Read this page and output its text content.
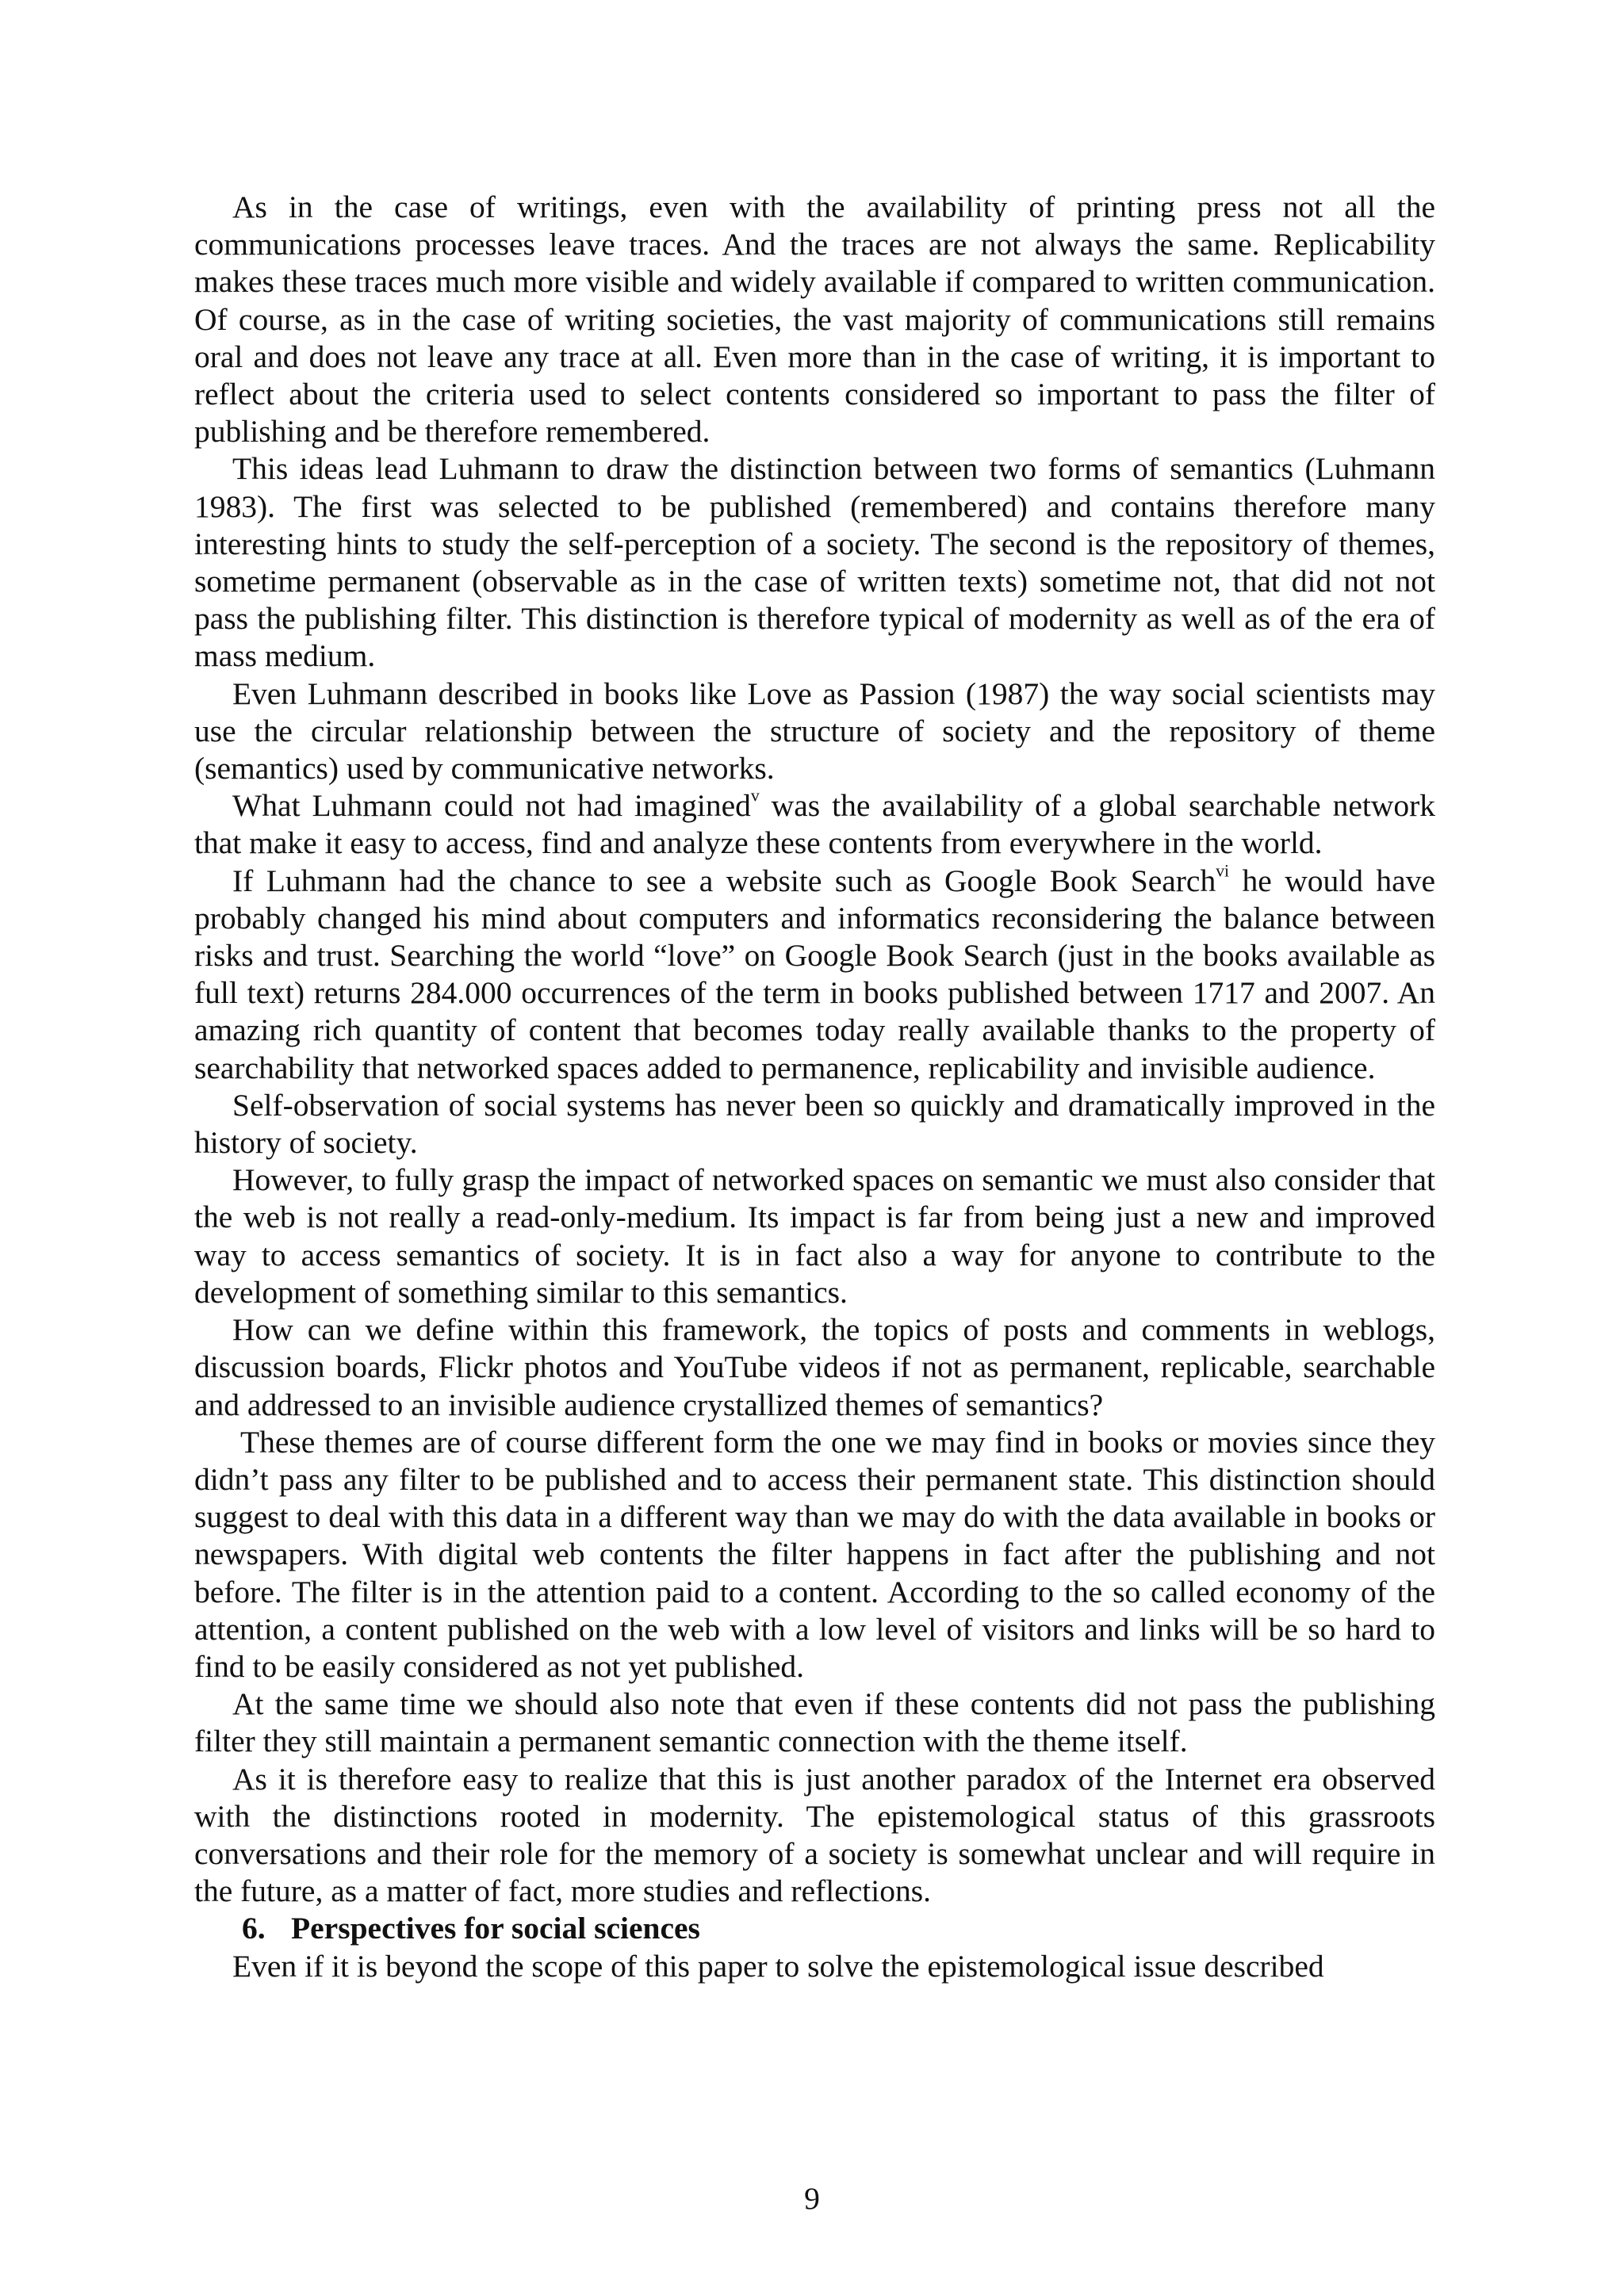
As in the case of writings, even with the availability of printing press not all the communications processes leave traces. And the traces are not always the same. Replicability makes these traces much more visible and widely available if compared to written communication. Of course, as in the case of writing societies, the vast majority of communications still remains oral and does not leave any trace at all. Even more than in the case of writing, it is important to reflect about the criteria used to select contents considered so important to pass the filter of publishing and be therefore remembered.

This ideas lead Luhmann to draw the distinction between two forms of semantics (Luhmann 1983). The first was selected to be published (remembered) and contains therefore many interesting hints to study the self-perception of a society. The second is the repository of themes, sometime permanent (observable as in the case of written texts) sometime not, that did not not pass the publishing filter. This distinction is therefore typical of modernity as well as of the era of mass medium.

Even Luhmann described in books like Love as Passion (1987) the way social scientists may use the circular relationship between the structure of society and the repository of theme (semantics) used by communicative networks.

What Luhmann could not had imagined$^v$ was the availability of a global searchable network that make it easy to access, find and analyze these contents from everywhere in the world.

If Luhmann had the chance to see a website such as Google Book Search$^{vi}$ he would have probably changed his mind about computers and informatics reconsidering the balance between risks and trust. Searching the world “love” on Google Book Search (just in the books available as full text) returns 284.000 occurrences of the term in books published between 1717 and 2007. An amazing rich quantity of content that becomes today really available thanks to the property of searchability that networked spaces added to permanence, replicability and invisible audience.

Self-observation of social systems has never been so quickly and dramatically improved in the history of society.

However, to fully grasp the impact of networked spaces on semantic we must also consider that the web is not really a read-only-medium. Its impact is far from being just a new and improved way to access semantics of society. It is in fact also a way for anyone to contribute to the development of something similar to this semantics.

How can we define within this framework, the topics of posts and comments in weblogs, discussion boards, Flickr photos and YouTube videos if not as permanent, replicable, searchable and addressed to an invisible audience crystallized themes of semantics?

These themes are of course different form the one we may find in books or movies since they didn’t pass any filter to be published and to access their permanent state. This distinction should suggest to deal with this data in a different way than we may do with the data available in books or newspapers. With digital web contents the filter happens in fact after the publishing and not before. The filter is in the attention paid to a content. According to the so called economy of the attention, a content published on the web with a low level of visitors and links will be so hard to find to be easily considered as not yet published.

At the same time we should also note that even if these contents did not pass the publishing filter they still maintain a permanent semantic connection with the theme itself.

As it is therefore easy to realize that this is just another paradox of the Internet era observed with the distinctions rooted in modernity. The epistemological status of this grassroots conversations and their role for the memory of a society is somewhat unclear and will require in the future, as a matter of fact, more studies and reflections.

6. Perspectives for social sciences

Even if it is beyond the scope of this paper to solve the epistemological issue described

9
